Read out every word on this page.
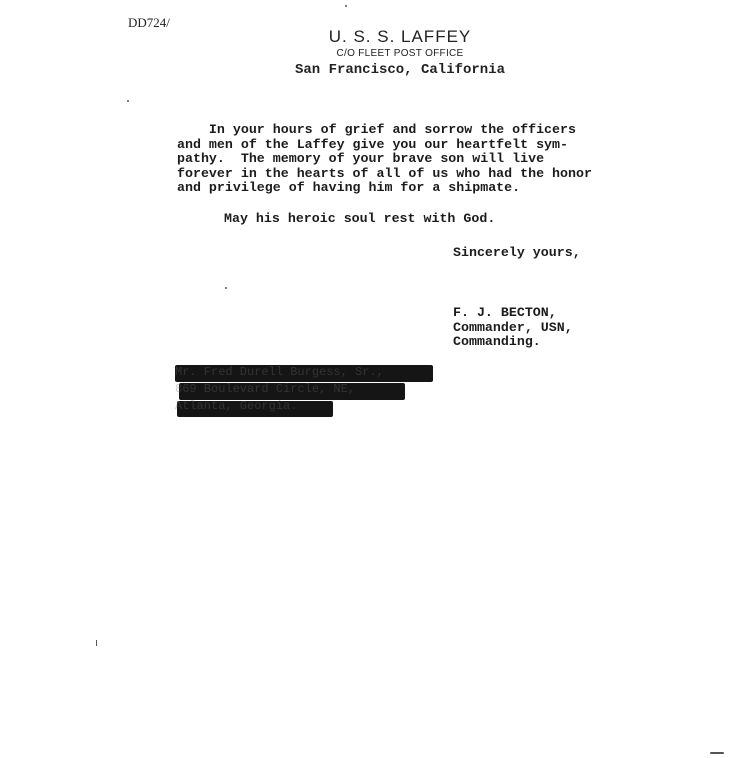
DD724/
U. S. S. LAFFEY
C/O FLEET POST OFFICE
San Francisco, California
In your hours of grief and sorrow the officers
and men of the Laffey give you our heartfelt sym-
pathy.  The memory of your brave son will live
forever in the hearts of all of us who had the honor
and privilege of having him for a shipmate.
May his heroic soul rest with God.
Sincerely yours,
F. J. BECTON,
Commander, USN,
Commanding.
Mr. Fred Durell Burgess, Sr.,
869 Boulevard Circle, NE,
Atlanta, Georgia.
